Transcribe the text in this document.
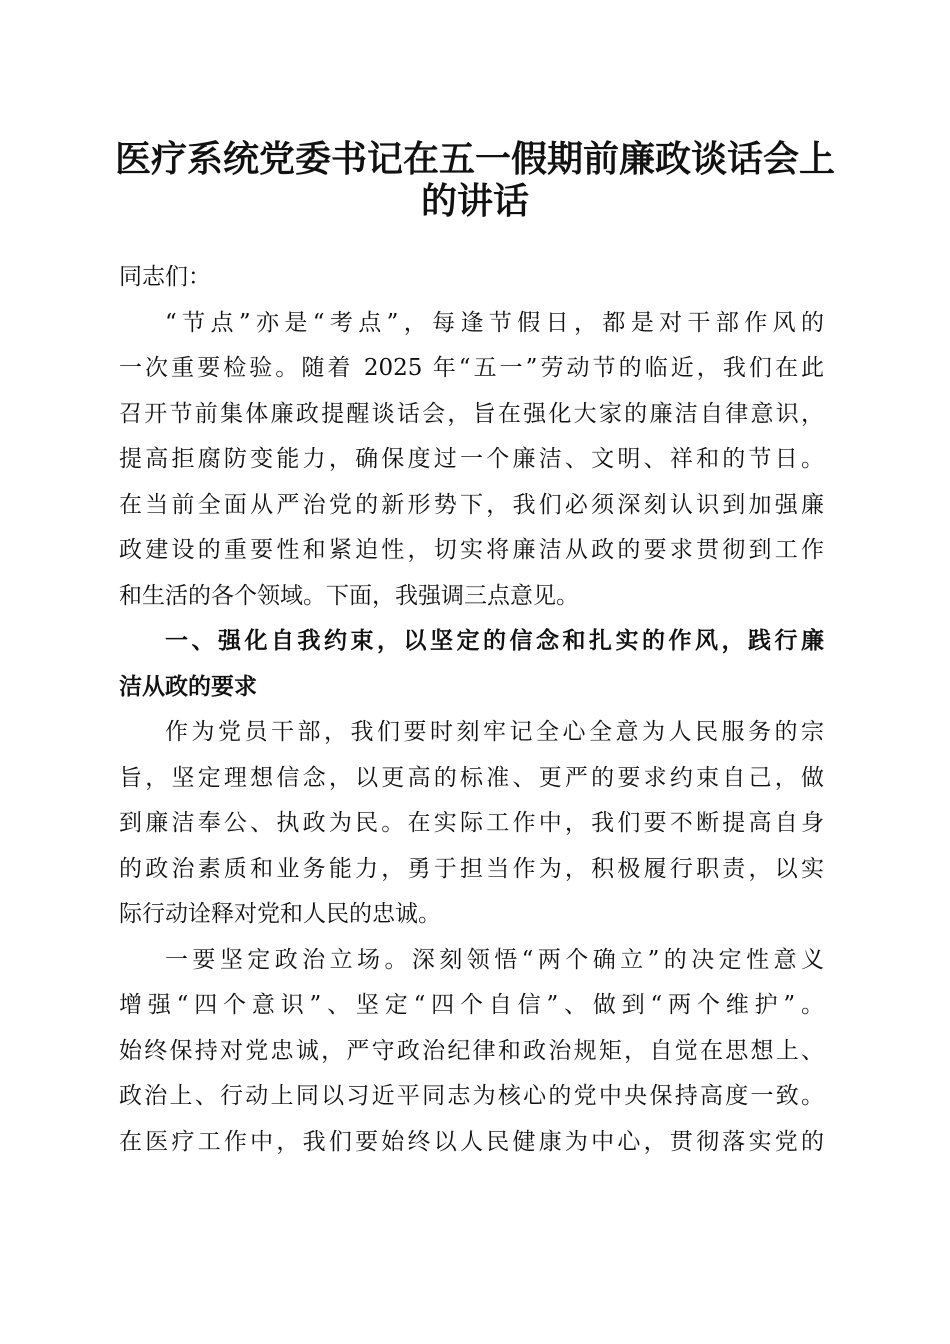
医疗系统党委书记在五一假期前廉政谈话会上
的讲话
同志们：
“节点”亦是“考点”，每逢节假日，都是对干部作风的
一次重要检验。随着 2025 年“五一”劳动节的临近，我们在此
召开节前集体廉政提醒谈话会，旨在强化大家的廉洁自律意识，
提高拒腐防变能力，确保度过一个廉洁、文明、祥和的节日。
在当前全面从严治党的新形势下，我们必须深刻认识到加强廉
政建设的重要性和紧迫性，切实将廉洁从政的要求贯彻到工作
和生活的各个领域。下面，我强调三点意见。
一、强化自我约束，以坚定的信念和扎实的作风，践行廉
洁从政的要求
作为党员干部，我们要时刻牢记全心全意为人民服务的宗
旨，坚定理想信念，以更高的标准、更严的要求约束自己，做
到廉洁奉公、执政为民。在实际工作中，我们要不断提高自身
的政治素质和业务能力，勇于担当作为，积极履行职责，以实
际行动诠释对党和人民的忠诚。
一要坚定政治立场。深刻领悟“两个确立”的决定性意义
增强“四个意识”、坚定“四个自信”、做到“两个维护”。
始终保持对党忠诚，严守政治纪律和政治规矩，自觉在思想上、
政治上、行动上同以习近平同志为核心的党中央保持高度一致。
在医疗工作中，我们要始终以人民健康为中心，贯彻落实党的
